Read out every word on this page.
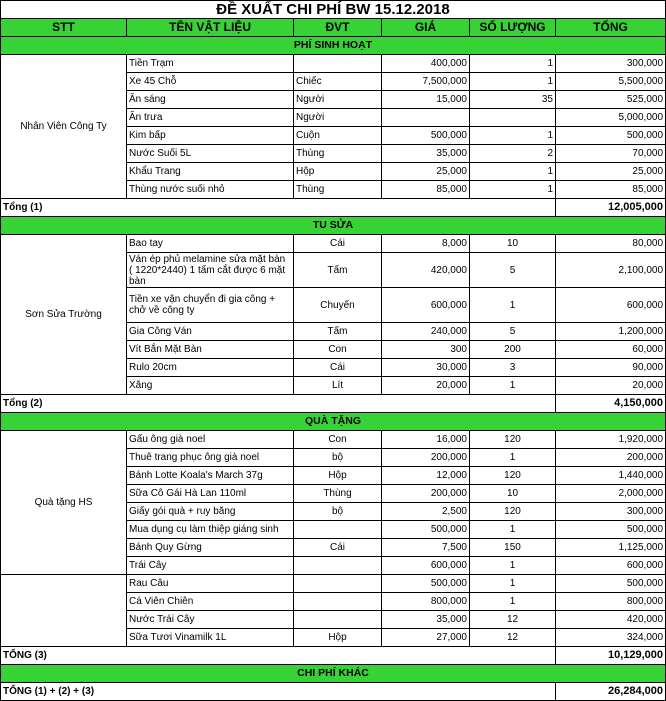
ĐỀ XUẤT CHI PHÍ BW 15.12.2018					
STT	TÊN VẬT LIỆU	ĐVT	GIÁ	SỐ LƯỢNG	TỔNG
PHÍ SINH HOẠT					
Nhân Viên Công Ty	Tiền Trạm		400,000	1	300,000
	Xe 45 Chỗ	Chiếc	7,500,000	1	5,500,000
	Ăn sáng	Người	15,000	35	525,000
	Ăn trưa	Người			5,000,000
	Kim bấp	Cuộn	500,000	1	500,000
	Nước Suối 5L	Thùng	35,000	2	70,000
	Khẩu Trang	Hộp	25,000	1	25,000
	Thùng nước suối nhỏ	Thùng	85,000	1	85,000
Tổng (1)					12,005,000
TU SỬA					
Sơn Sửa Trường	Bao tay	Cái	8,000	10	80,000
	Ván ép phủ melamine sửa mặt bàn ( 1220*2440) 1 tấm cắt được 6 mặt bàn	Tấm	420,000	5	2,100,000
	Tiền xe vận chuyển đi gia công + chở về công ty	Chuyến	600,000	1	600,000
	Gia Công Ván	Tấm	240,000	5	1,200,000
	Vít Bắn Mặt Bàn	Con	300	200	60,000
	Rulo 20cm	Cái	30,000	3	90,000
	Xăng	Lít	20,000	1	20,000
Tổng (2)					4,150,000
QUÀ TẶNG					
Quà tặng HS	Gấu ông già noel	Con	16,000	120	1,920,000
	Thuê trang phục ông già noel	bộ	200,000	1	200,000
	Bánh Lotte Koala's March 37g	Hộp	12,000	120	1,440,000
	Sữa Cô Gái Hà Lan 110ml	Thùng	200,000	10	2,000,000
	Giấy gói quà + ruy băng	bộ	2,500	120	300,000
	Mua dụng cụ làm thiệp giáng sinh		500,000	1	500,000
	Bánh Quy Gừng	Cái	7,500	150	1,125,000
	Trái Cây		600,000	1	600,000
	Rau Câu		500,000	1	500,000
	Cá Viên Chiên		800,000	1	800,000
	Nước Trái Cây		35,000	12	420,000
	Sữa Tươi Vinamilk 1L	Hộp	27,000	12	324,000
TỔNG (3)					10,129,000
CHI PHÍ KHÁC					
TỔNG (1) + (2) + (3)					26,284,000
